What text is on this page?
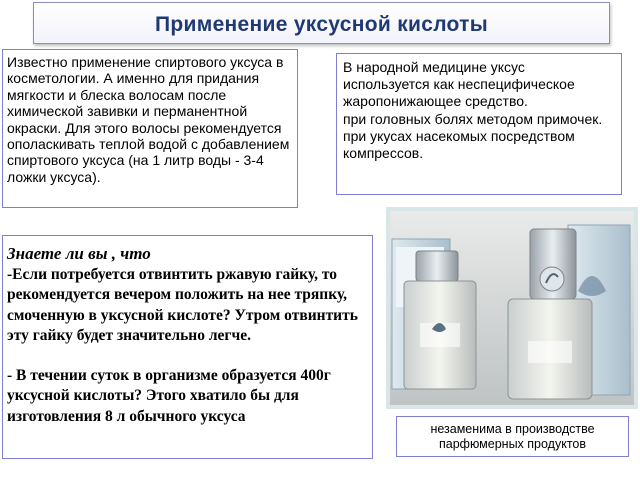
Применение уксусной кислоты
Известно применение спиртового уксуса в косметологии. А именно для придания мягкости и блеска волосам после химической завивки и перманентной окраски. Для этого волосы рекомендуется ополаскивать теплой водой с добавлением спиртового уксуса (на 1 литр воды - 3-4 ложки уксуса).
В народной медицине уксус используется как неспецифическое жаропонижающее средство.
при головных болях методом примочек.
при укусах насекомых посредством компрессов.
Знаете ли вы , что

-Если потребуется отвинтить ржавую гайку, то рекомендуется вечером положить на нее тряпку, смоченную в уксусной кислоте? Утром отвинтить эту гайку будет значительно легче.

- В течении суток в организме образуется 400г уксусной кислоты? Этого хватило бы для изготовления 8 л обычного уксуса

незаменима в производстве парфюмерных продуктов
